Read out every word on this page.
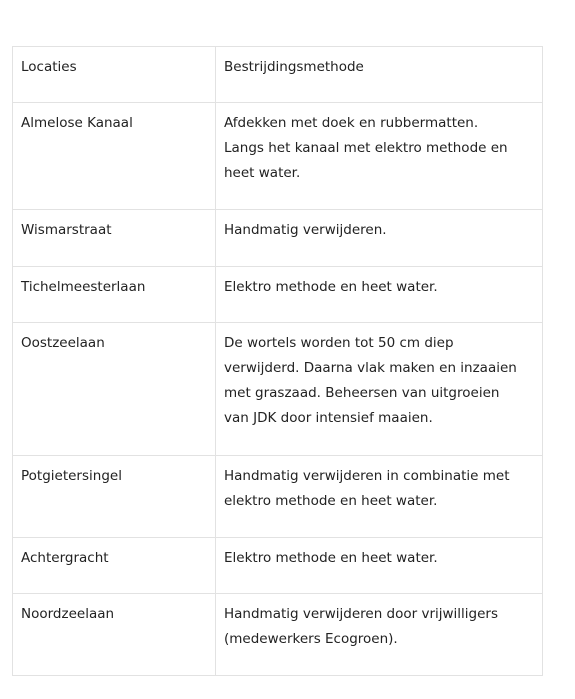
Locaties	Bestrijdingsmethode
Almelose Kanaal	Afdekken met doek en rubbermatten.
Langs het kanaal met elektro methode en
heet water.

Wismarstraat	Handmatig verwijderen.

Tichelmeesterlaan	Elektro methode en heet water.

Oostzeelaan	De wortels worden tot 50 cm diep
verwijderd. Daarna vlak maken en inzaaien
met graszaad. Beheersen van uitgroeien
van JDK door intensief maaien.

Potgietersingel	Handmatig verwijderen in combinatie met
elektro methode en heet water.

Achtergracht	Elektro methode en heet water.

Noordzeelaan	Handmatig verwijderen door vrijwilligers
(medewerkers Ecogroen).
